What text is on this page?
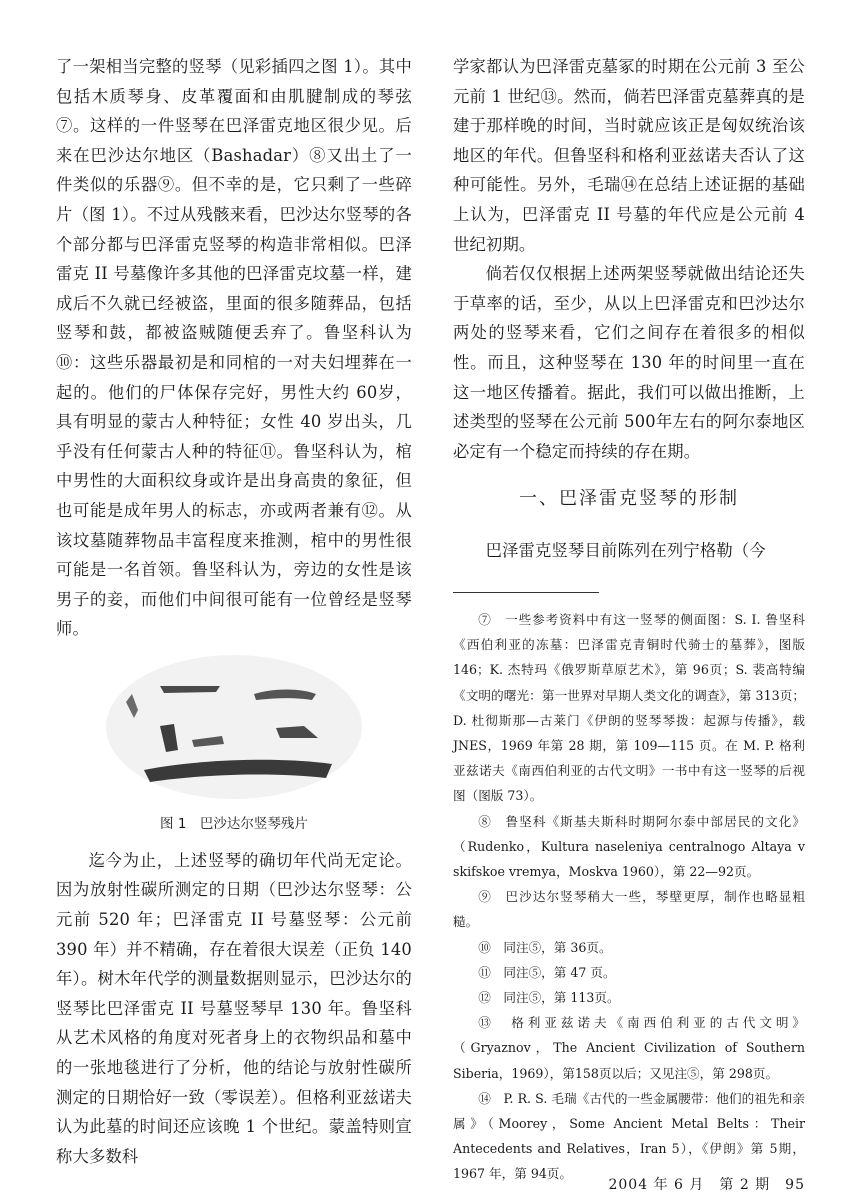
了一架相当完整的竖琴（见彩插四之图 1）。其中包括木质琴身、皮革覆面和由肌腱制成的琴弦⑦。这样的一件竖琴在巴泽雷克地区很少见。后来在巴沙达尔地区（Bashadar）⑧又出土了一件类似的乐器⑨。但不幸的是，它只剩了一些碎片（图 1）。不过从残骸来看，巴沙达尔竖琴的各个部分都与巴泽雷克竖琴的构造非常相似。巴泽雷克 II 号墓像许多其他的巴泽雷克坟墓一样，建成后不久就已经被盗，里面的很多随葬品，包括竖琴和鼓，都被盗贼随便丢弃了。鲁坚科认为⑩：这些乐器最初是和同棺的一对夫妇埋葬在一起的。他们的尸体保存完好，男性大约 60岁，具有明显的蒙古人种特征；女性 40 岁出头，几乎没有任何蒙古人种的特征⑪。鲁坚科认为，棺中男性的大面积纹身或许是出身高贵的象征，但也可能是成年男人的标志，亦或两者兼有⑫。从该坟墓随葬物品丰富程度来推测，棺中的男性很可能是一名首领。鲁坚科认为，旁边的女性是该男子的妾，而他们中间很可能有一位曾经是竖琴师。

图 1　巴沙达尔竖琴残片

迄今为止，上述竖琴的确切年代尚无定论。因为放射性碳所测定的日期（巴沙达尔竖琴：公元前 520 年；巴泽雷克 II 号墓竖琴：公元前 390 年）并不精确，存在着很大误差（正负 140 年）。树木年代学的测量数据则显示，巴沙达尔的竖琴比巴泽雷克 II 号墓竖琴早 130 年。鲁坚科从艺术风格的角度对死者身上的衣物织品和墓中的一张地毯进行了分析，他的结论与放射性碳所测定的日期恰好一致（零误差）。但格利亚兹诺夫认为此墓的时间还应该晚 1 个世纪。蒙盖特则宣称大多数科

学家都认为巴泽雷克墓冢的时期在公元前 3 至公元前 1 世纪⑬。然而，倘若巴泽雷克墓葬真的是建于那样晚的时间，当时就应该正是匈奴统治该地区的年代。但鲁坚科和格利亚兹诺夫否认了这种可能性。另外，毛瑞⑭在总结上述证据的基础上认为，巴泽雷克 II 号墓的年代应是公元前 4 世纪初期。

倘若仅仅根据上述两架竖琴就做出结论还失于草率的话，至少，从以上巴泽雷克和巴沙达尔两处的竖琴来看，它们之间存在着很多的相似性。而且，这种竖琴在 130 年的时间里一直在这一地区传播着。据此，我们可以做出推断，上述类型的竖琴在公元前 500年左右的阿尔泰地区必定有一个稳定而持续的存在期。

一、巴泽雷克竖琴的形制

巴泽雷克竖琴目前陈列在列宁格勒（今

⑦　一些参考资料中有这一竖琴的侧面图：S. I. 鲁坚科《西伯利亚的冻墓：巴泽雷克青铜时代骑士的墓葬》，图版 146；K. 杰特玛《俄罗斯草原艺术》，第 96页；S. 裴高特编《文明的曙光：第一世界对早期人类文化的调查》，第 313页；D. 杜彻斯那—古莱门《伊朗的竖琴琴拨：起源与传播》，载 JNES，1969 年第 28 期，第 109—115 页。在 M. P. 格利亚兹诺夫《南西伯利亚的古代文明》一书中有这一竖琴的后视图（图版 73）。

⑧　鲁坚科《斯基夫斯科时期阿尔泰中部居民的文化》（Rudenko，Kultura naseleniya centralnogo Altaya v skifskoe vremya，Moskva 1960），第 22—92页。

⑨　巴沙达尔竖琴稍大一些，琴壁更厚，制作也略显粗糙。

⑩　同注⑤，第 36页。

⑪　同注⑤，第 47 页。

⑫　同注⑤，第 113页。

⑬　格利亚兹诺夫《南西伯利亚的古代文明》（Gryaznov，The Ancient Civilization of Southern Siberia，1969），第158页以后；又见注⑤，第 298页。

⑭　P. R. S. 毛瑞《古代的一些金属腰带：他们的祖先和亲属》（Moorey，Some Ancient Metal Belts：Their Antecedents and Relatives，Iran 5），《伊朗》第 5期，1967 年，第 94页。

2004 年 6 月　第 2 期　95
